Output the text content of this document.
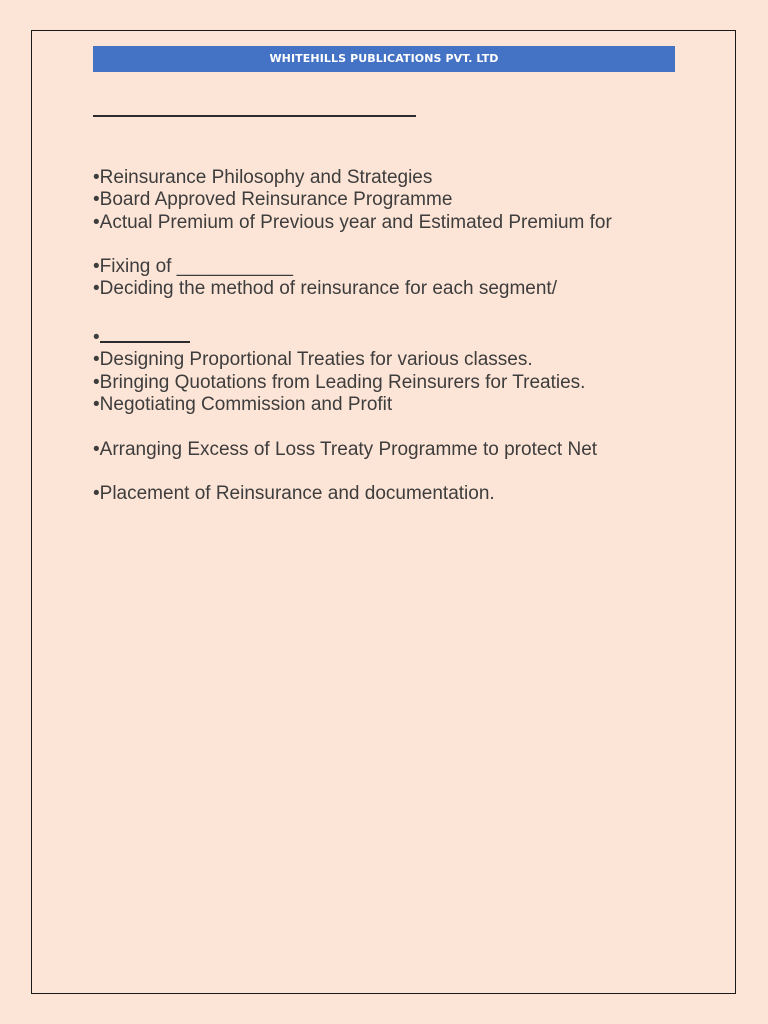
WHITEHILLS PUBLICATIONS PVT. LTD
•Reinsurance Philosophy and Strategies
•Board Approved Reinsurance Programme
•Actual Premium of Previous year and Estimated Premium for
•Fixing of ___________
•Deciding the method of reinsurance for each segment/
•
•Designing Proportional Treaties for various classes.
•Bringing Quotations from Leading Reinsurers for Treaties.
•Negotiating Commission and Profit
•Arranging Excess of Loss Treaty Programme to protect Net
•Placement of Reinsurance and documentation.
